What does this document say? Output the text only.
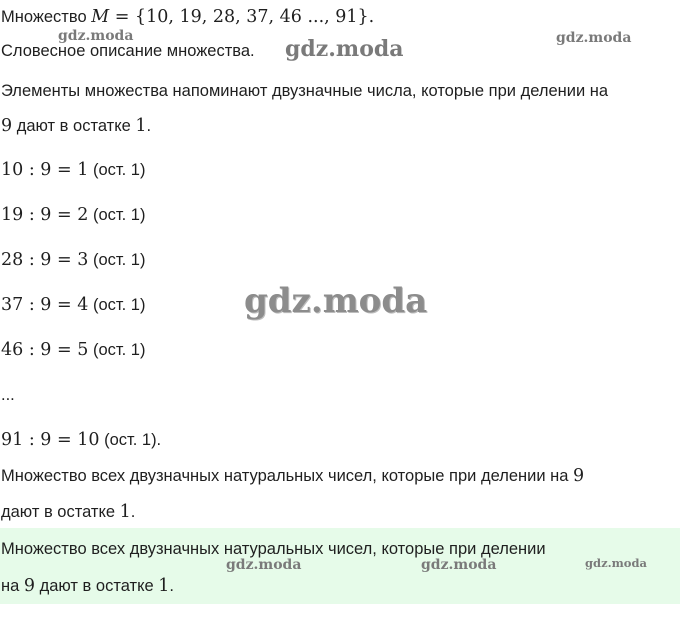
Множество M = {10, 19, 28, 37, 46 ..., 91}.
Словесное описание множества.
Элементы множества напоминают двузначные числа, которые при делении на
9 дают в остатке 1.
10 : 9 = 1 (ост. 1)
19 : 9 = 2 (ост. 1)
28 : 9 = 3 (ост. 1)
37 : 9 = 4 (ост. 1)
46 : 9 = 5 (ост. 1)
...
91 : 9 = 10 (ост. 1).
Множество всех двузначных натуральных чисел, которые при делении на 9
дают в остатке 1.
Множество всех двузначных натуральных чисел, которые при делении
на 9 дают в остатке 1.
gdz.moda	gdz.moda	gdz.moda
gdz.moda
gdz.moda	gdz.moda	gdz.moda
